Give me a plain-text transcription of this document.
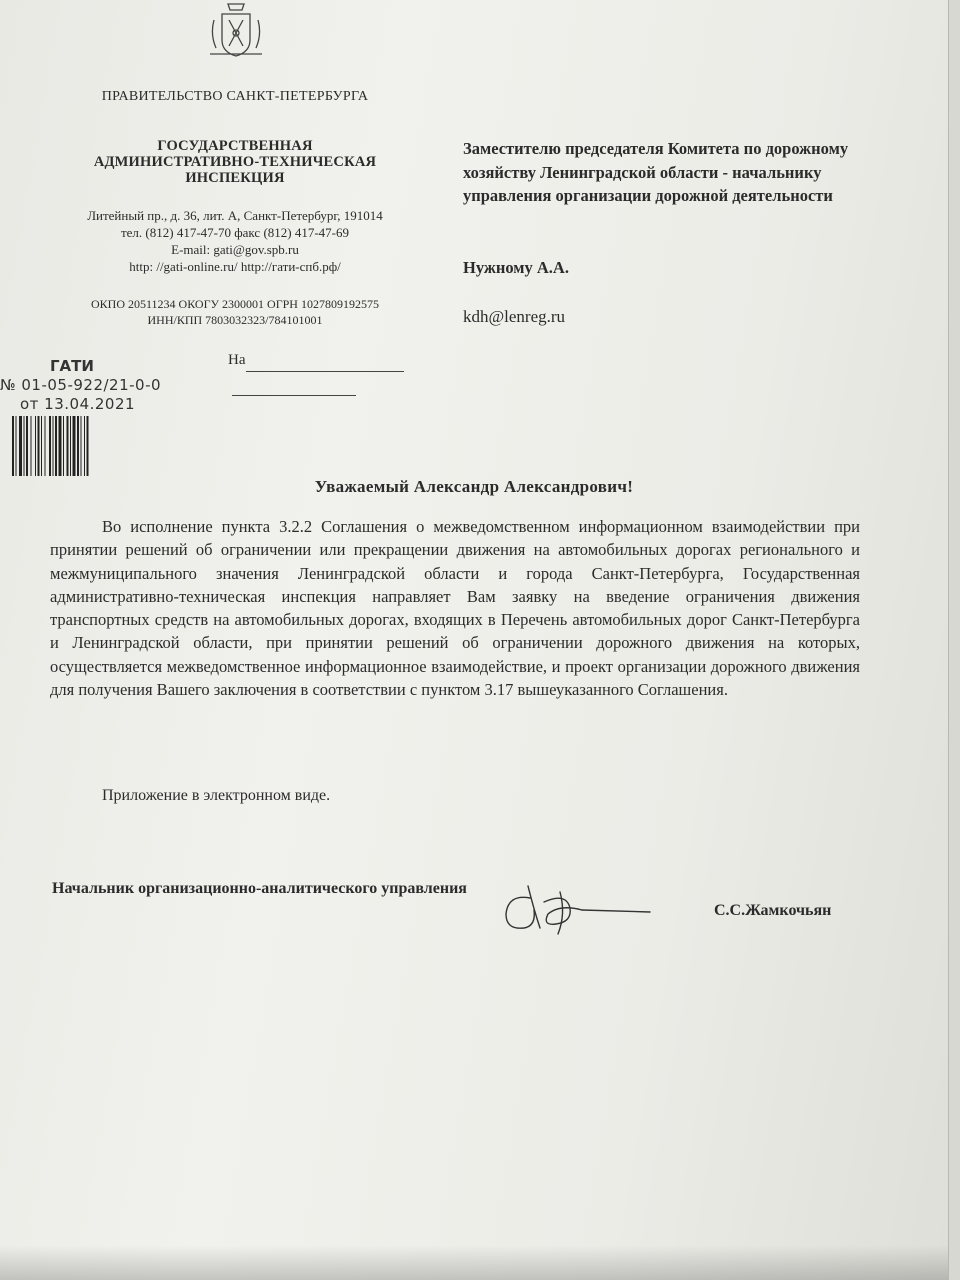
ПРАВИТЕЛЬСТВО САНКТ-ПЕТЕРБУРГА
ГОСУДАРСТВЕННАЯ
АДМИНИСТРАТИВНО-ТЕХНИЧЕСКАЯ
ИНСПЕКЦИЯ
Литейный пр., д. 36, лит. А, Санкт-Петербург, 191014
тел. (812) 417-47-70 факс (812) 417-47-69
E-mail: gati@gov.spb.ru
http: //gati-online.ru/ http://гати-спб.рф/
ОКПО 20511234 ОКОГУ 2300001 ОГРН 1027809192575
ИНН/КПП 7803032323/784101001
ГАТИ
№ 01-05-922/21-0-0
от 13.04.2021
На
Заместителю председателя Комитета по дорожному хозяйству Ленинградской области - начальнику управления организации дорожной деятельности
Нужному А.А.
kdh@lenreg.ru
Уважаемый Александр Александрович!
Во исполнение пункта 3.2.2 Соглашения о межведомственном информационном взаимодействии при принятии решений об ограничении или прекращении движения на автомобильных дорогах регионального и межмуниципального значения Ленинградской области и города Санкт-Петербурга, Государственная административно-техническая инспекция направляет Вам заявку на введение ограничения движения транспортных средств на автомобильных дорогах, входящих в Перечень автомобильных дорог Санкт-Петербурга и Ленинградской области, при принятии решений об ограничении дорожного движения на которых, осуществляется межведомственное информационное взаимодействие, и проект организации дорожного движения для получения Вашего заключения в соответствии с пунктом 3.17 вышеуказанного Соглашения.
Приложение в электронном виде.
Начальник организационно-аналитического управления
С.С.Жамкочьян
